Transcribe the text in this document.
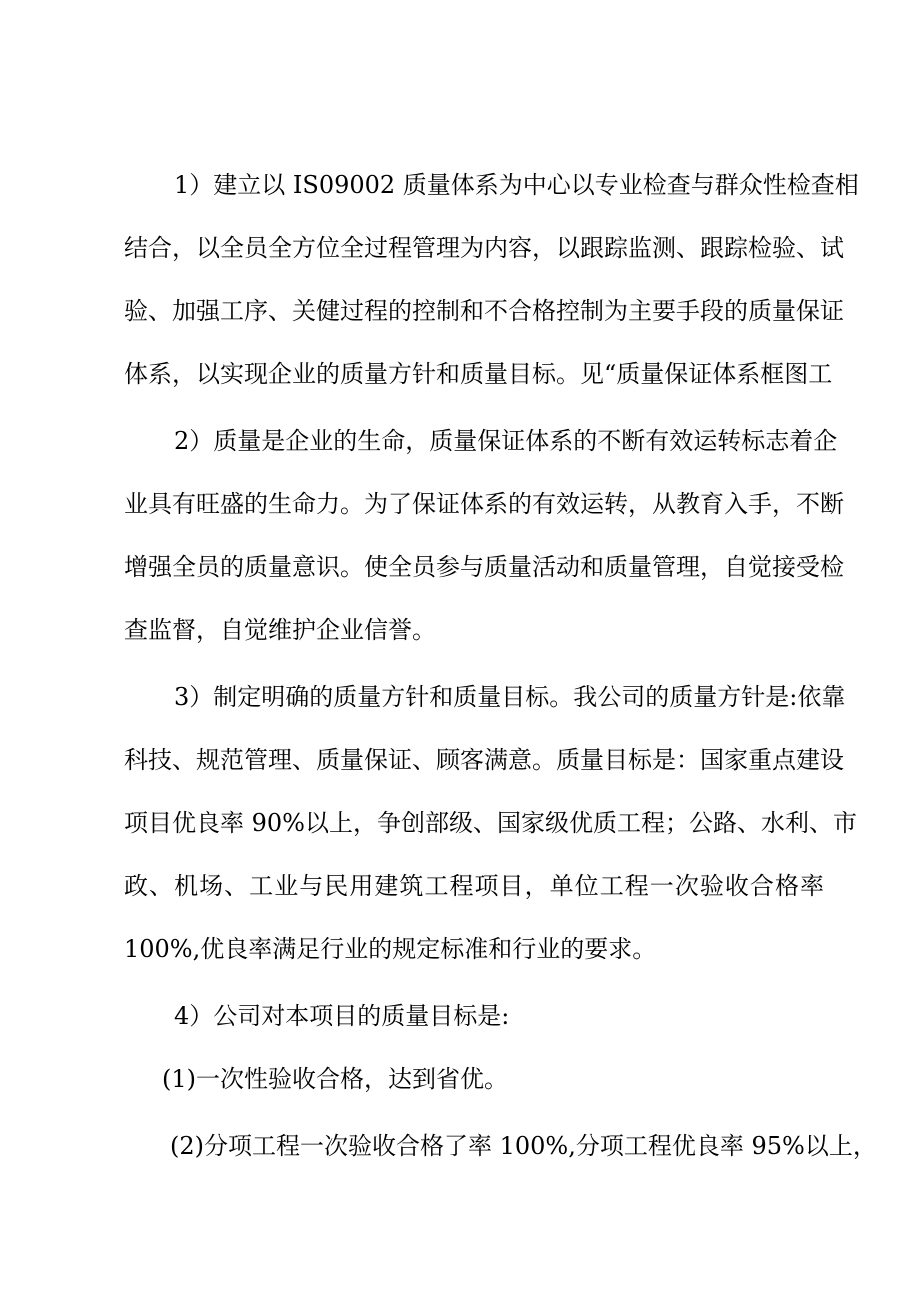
1）建立以 IS09002 质量体系为中心以专业检查与群众性检查相
结合，以全员全方位全过程管理为内容，以跟踪监测、跟踪检验、试
验、加强工序、关健过程的控制和不合格控制为主要手段的质量保证
体系，以实现企业的质量方针和质量目标。见“质量保证体系框图工
2）质量是企业的生命，质量保证体系的不断有效运转标志着企
业具有旺盛的生命力。为了保证体系的有效运转，从教育入手，不断
增强全员的质量意识。使全员参与质量活动和质量管理，自觉接受检
查监督，自觉维护企业信誉。
3）制定明确的质量方针和质量目标。我公司的质量方针是:依靠
科技、规范管理、质量保证、顾客满意。质量目标是：国家重点建设
项目优良率 90%以上，争创部级、国家级优质工程；公路、水利、市
政、机场、工业与民用建筑工程项目，单位工程一次验收合格率
100%,优良率满足行业的规定标准和行业的要求。
4）公司对本项目的质量目标是:
(1)一次性验收合格，达到省优。
(2)分项工程一次验收合格了率 100%,分项工程优良率 95%以上，
